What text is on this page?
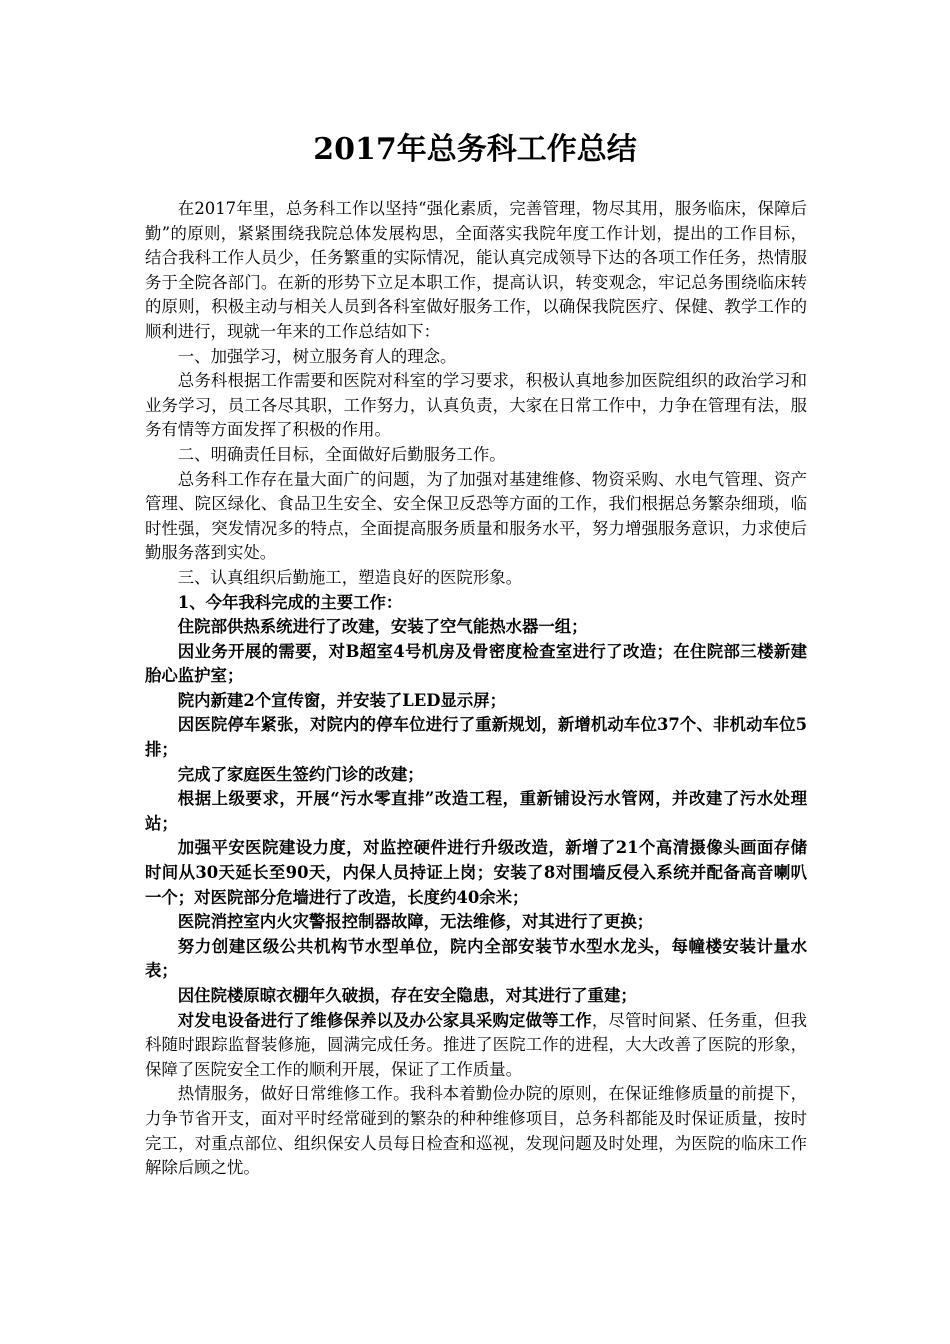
2017年总务科工作总结

在2017年里，总务科工作以坚持“强化素质，完善管理，物尽其用，服务临床，保障后勤”的原则，紧紧围绕我院总体发展构思，全面落实我院年度工作计划，提出的工作目标，结合我科工作人员少，任务繁重的实际情况，能认真完成领导下达的各项工作任务，热情服务于全院各部门。在新的形势下立足本职工作，提高认识，转变观念，牢记总务围绕临床转的原则，积极主动与相关人员到各科室做好服务工作，以确保我院医疗、保健、教学工作的顺利进行，现就一年来的工作总结如下：

一、加强学习，树立服务育人的理念。

总务科根据工作需要和医院对科室的学习要求，积极认真地参加医院组织的政治学习和业务学习，员工各尽其职，工作努力，认真负责，大家在日常工作中，力争在管理有法，服务有情等方面发挥了积极的作用。

二、明确责任目标，全面做好后勤服务工作。

总务科工作存在量大面广的问题，为了加强对基建维修、物资采购、水电气管理、资产管理、院区绿化、食品卫生安全、安全保卫反恐等方面的工作，我们根据总务繁杂细琐，临时性强，突发情况多的特点，全面提高服务质量和服务水平，努力增强服务意识，力求使后勤服务落到实处。

三、认真组织后勤施工，塑造良好的医院形象。

1、今年我科完成的主要工作：

住院部供热系统进行了改建，安装了空气能热水器一组；

因业务开展的需要，对B超室4号机房及骨密度检查室进行了改造；在住院部三楼新建胎心监护室；

院内新建2个宣传窗，并安装了LED显示屏；

因医院停车紧张，对院内的停车位进行了重新规划，新增机动车位37个、非机动车位5排；

完成了家庭医生签约门诊的改建；

根据上级要求，开展“污水零直排”改造工程，重新铺设污水管网，并改建了污水处理站；

加强平安医院建设力度，对监控硬件进行升级改造，新增了21个高清摄像头画面存储时间从30天延长至90天，内保人员持证上岗；安装了8对围墙反侵入系统并配备高音喇叭一个；对医院部分危墙进行了改造，长度约40余米；

医院消控室内火灾警报控制器故障，无法维修，对其进行了更换；

努力创建区级公共机构节水型单位，院内全部安装节水型水龙头，每幢楼安装计量水表；

因住院楼原晾衣棚年久破损，存在安全隐患，对其进行了重建；

对发电设备进行了维修保养以及办公家具采购定做等工作，尽管时间紧、任务重，但我科随时跟踪监督装修施，圆满完成任务。推进了医院工作的进程，大大改善了医院的形象，保障了医院安全工作的顺利开展，保证了工作质量。

热情服务，做好日常维修工作。我科本着勤俭办院的原则，在保证维修质量的前提下，力争节省开支，面对平时经常碰到的繁杂的种种维修项目，总务科都能及时保证质量，按时完工，对重点部位、组织保安人员每日检查和巡视，发现问题及时处理，为医院的临床工作解除后顾之忧。
